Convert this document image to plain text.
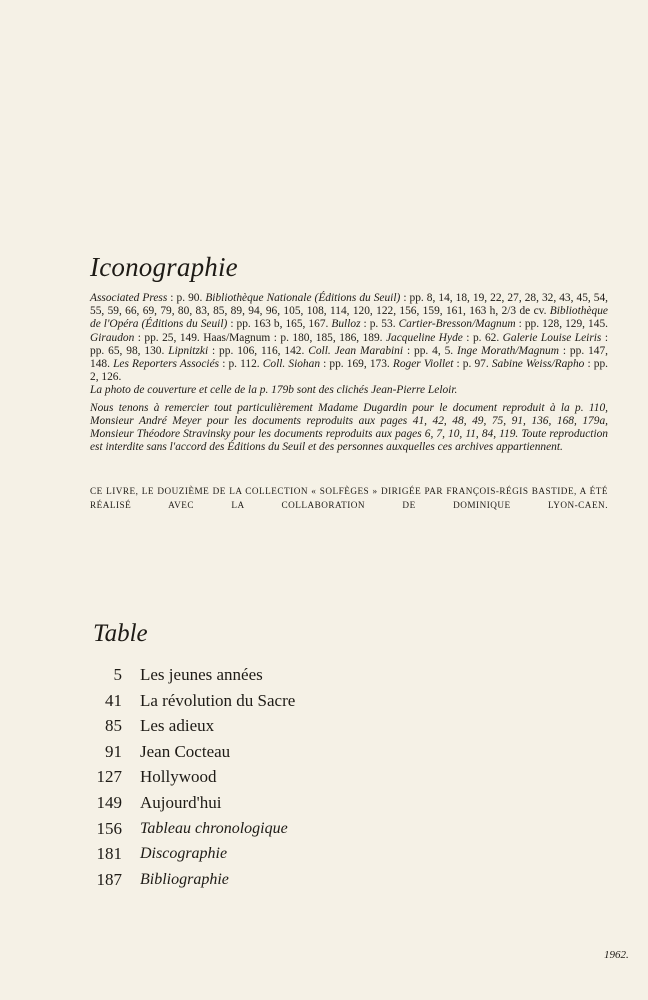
Iconographie

Associated Press : p. 90. Bibliothèque Nationale (Éditions du Seuil) : pp. 8, 14, 18, 19, 22, 27, 28, 32, 43, 45, 54, 55, 59, 66, 69, 79, 80, 83, 85, 89, 94, 96, 105, 108, 114, 120, 122, 156, 159, 161, 163 h, 2/3 de cv. Bibliothèque de l'Opéra (Éditions du Seuil) : pp. 163 b, 165, 167. Bulloz : p. 53. Cartier-Bresson/Magnum : pp. 128, 129, 145. Giraudon : pp. 25, 149. Haas/Magnum : p. 180, 185, 186, 189. Jacqueline Hyde : p. 62. Galerie Louise Leiris : pp. 65, 98, 130. Lipnitzki : pp. 106, 116, 142. Coll. Jean Marabini : pp. 4, 5. Inge Morath/Magnum : pp. 147, 148. Les Reporters Associés : p. 112. Coll. Siohan : pp. 169, 173. Roger Viollet : p. 97. Sabine Weiss/Rapho : pp. 2, 126.

La photo de couverture et celle de la p. 179b sont des clichés Jean-Pierre Leloir.

Nous tenons à remercier tout particulièrement Madame Dugardin pour le document reproduit à la p. 110, Monsieur André Meyer pour les documents reproduits aux pages 41, 42, 48, 49, 75, 91, 136, 168, 179a, Monsieur Théodore Stravinsky pour les documents reproduits aux pages 6, 7, 10, 11, 84, 119. Toute reproduction est interdite sans l'accord des Éditions du Seuil et des personnes auxquelles ces archives appartiennent.

CE LIVRE, LE DOUZIÈME DE LA COLLECTION « SOLFÈGES » DIRIGÉE PAR FRANÇOIS-RÉGIS BASTIDE, A ÉTÉ RÉALISÉ AVEC LA COLLABORATION DE DOMINIQUE LYON-CAEN.
Table
5 Les jeunes années
41 La révolution du Sacre
85 Les adieux
91 Jean Cocteau
127 Hollywood
149 Aujourd'hui
156 Tableau chronologique
181 Discographie
187 Bibliographie
1962.
